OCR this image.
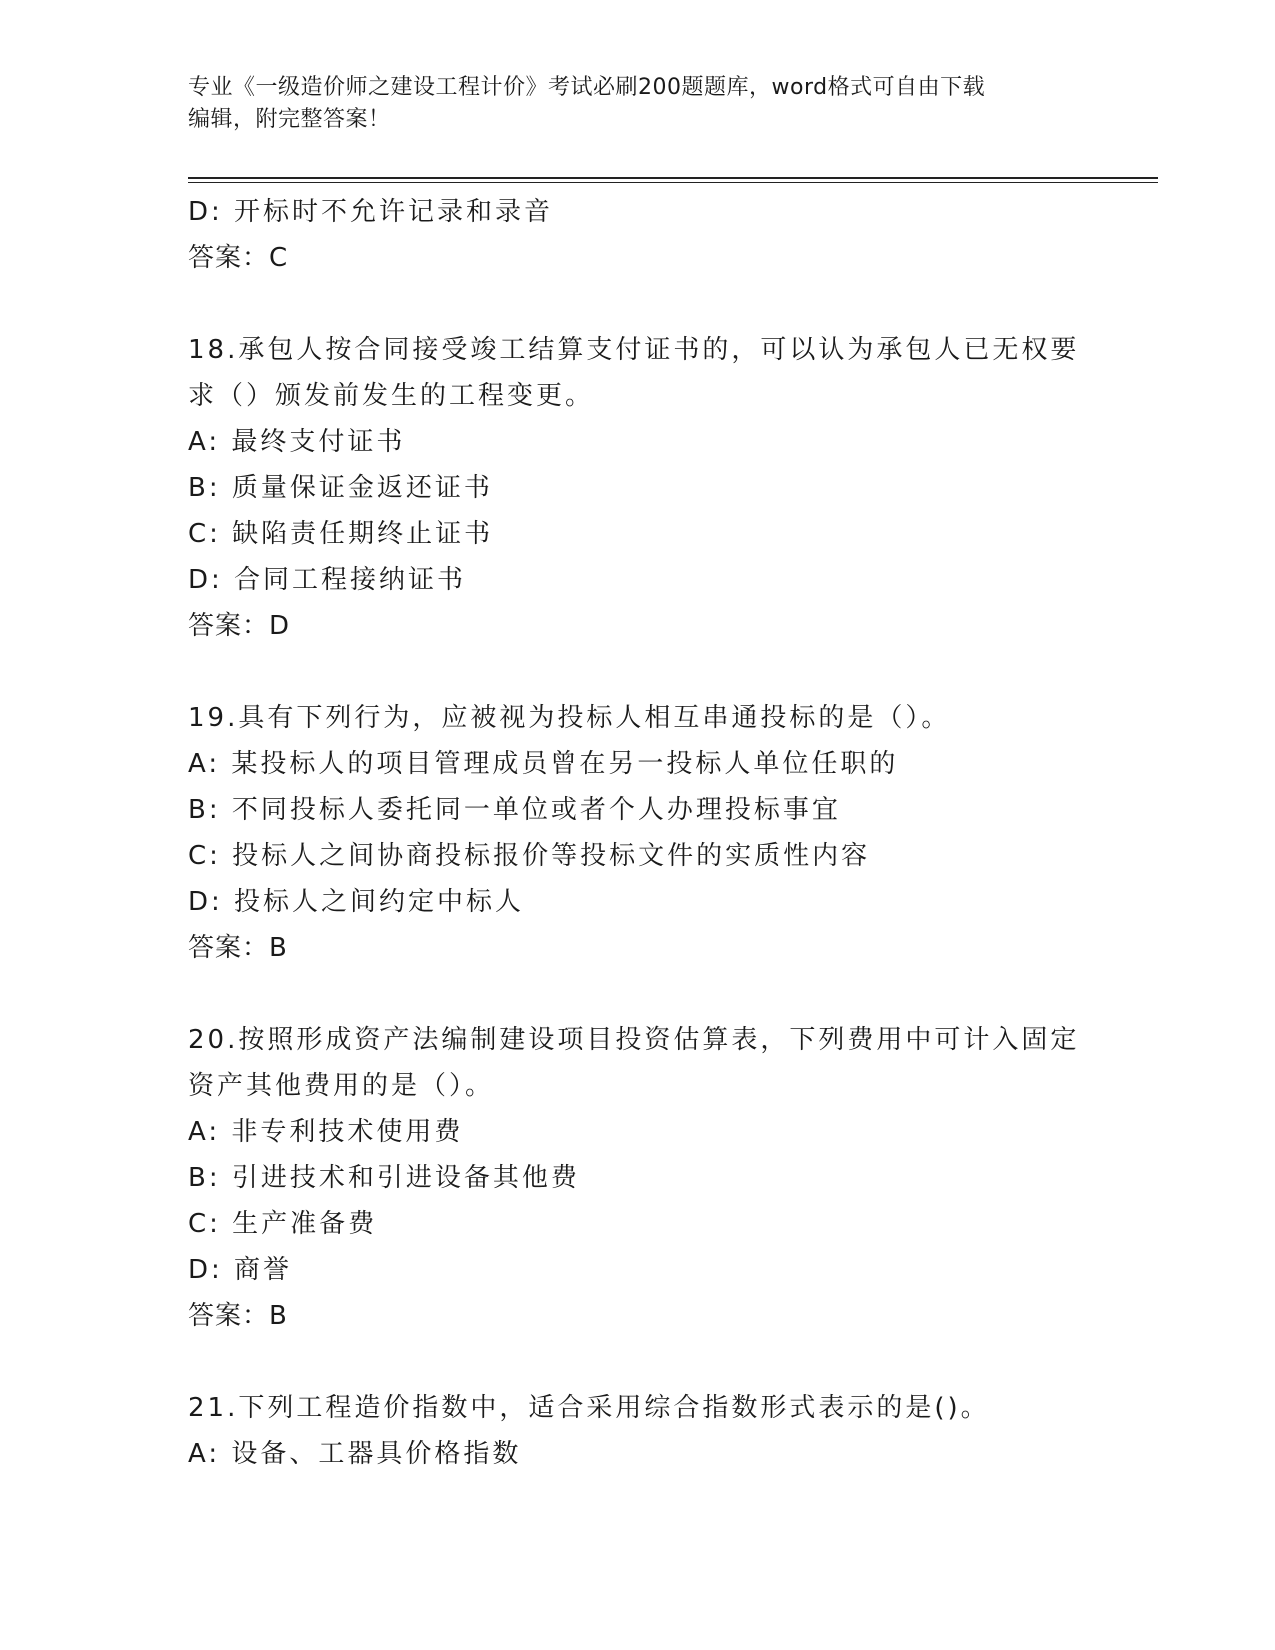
专业《一级造价师之建设工程计价》考试必刷200题题库，word格式可自由下载
编辑，附完整答案！
D: 开标时不允许记录和录音
答案：C
18.承包人按合同接受竣工结算支付证书的，可以认为承包人已无权要
求（）颁发前发生的工程变更。
A: 最终支付证书
B: 质量保证金返还证书
C: 缺陷责任期终止证书
D: 合同工程接纳证书
答案：D
19.具有下列行为，应被视为投标人相互串通投标的是（）。
A: 某投标人的项目管理成员曾在另一投标人单位任职的
B: 不同投标人委托同一单位或者个人办理投标事宜
C: 投标人之间协商投标报价等投标文件的实质性内容
D: 投标人之间约定中标人
答案：B
20.按照形成资产法编制建设项目投资估算表，下列费用中可计入固定
资产其他费用的是（）。
A: 非专利技术使用费
B: 引进技术和引进设备其他费
C: 生产准备费
D: 商誉
答案：B
21.下列工程造价指数中，适合采用综合指数形式表示的是()。
A: 设备、工器具价格指数
